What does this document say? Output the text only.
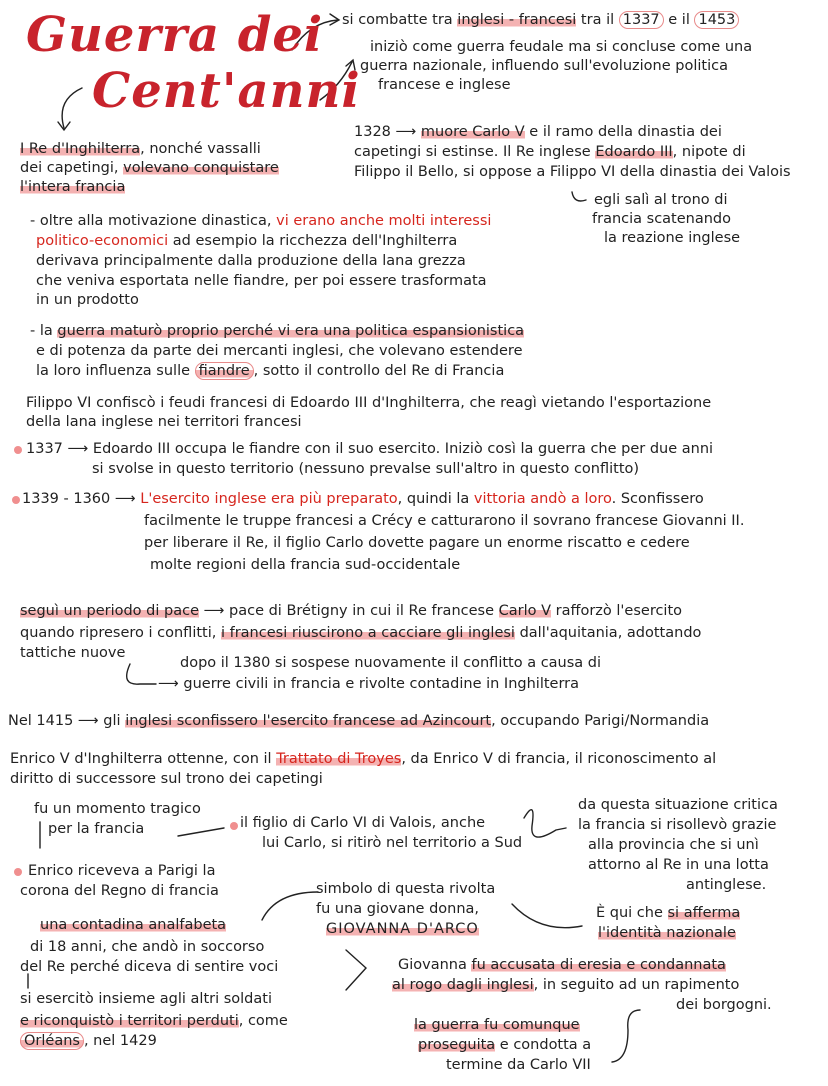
Guerra dei
Cent'anni
si combatte tra inglesi - francesi tra il 1337 e il 1453
iniziò come guerra feudale ma si concluse come una
guerra nazionale, influendo sull'evoluzione politica
francese e inglese
I Re d'Inghilterra, nonché vassalli
dei capetingi, volevano conquistare
l'intera francia
1328 ⟶ muore Carlo V e il ramo della dinastia dei
capetingi si estinse. Il Re inglese Edoardo III, nipote di
Filippo il Bello, si oppose a Filippo VI della dinastia dei Valois
egli salì al trono di
francia scatenando
la reazione inglese
- oltre alla motivazione dinastica, vi erano anche molti interessi
politico-economici ad esempio la ricchezza dell'Inghilterra
derivava principalmente dalla produzione della lana grezza
che veniva esportata nelle fiandre, per poi essere trasformata
in un prodotto
- la guerra maturò proprio perché vi era una politica espansionistica
e di potenza da parte dei mercanti inglesi, che volevano estendere
la loro influenza sulle fiandre , sotto il controllo del Re di Francia
Filippo VI confiscò i feudi francesi di Edoardo III d'Inghilterra, che reagì vietando l'esportazione
della lana inglese nei territori francesi
1337 ⟶ Edoardo III occupa le fiandre con il suo esercito. Iniziò così la guerra che per due anni
si svolse in questo territorio (nessuno prevalse sull'altro in questo conflitto)
1339 - 1360 ⟶ L'esercito inglese era più preparato, quindi la vittoria andò a loro. Sconfissero
facilmente le truppe francesi a Crécy e catturarono il sovrano francese Giovanni II.
per liberare il Re, il figlio Carlo dovette pagare un enorme riscatto e cedere
molte regioni della francia sud-occidentale
seguì un periodo di pace ⟶ pace di Brétigny in cui il Re francese Carlo V rafforzò l'esercito
quando ripresero i conflitti, i francesi riuscirono a cacciare gli inglesi dall'aquitania, adottando
tattiche nuove
dopo il 1380 si sospese nuovamente il conflitto a causa di
⟶ guerre civili in francia e rivolte contadine in Inghilterra
Nel 1415 ⟶ gli inglesi sconfissero l'esercito francese ad Azincourt, occupando Parigi/Normandia
Enrico V d'Inghilterra ottenne, con il Trattato di Troyes, da Enrico V di francia, il riconoscimento al
diritto di successore sul trono dei capetingi
fu un momento tragico
per la francia	il figlio di Carlo VI di Valois, anche
lui Carlo, si ritirò nel territorio a Sud
da questa situazione critica
la francia si risollevò grazie
alla provincia che si unì
attorno al Re in una lotta
antinglese.
Enrico riceveva a Parigi la
corona del Regno di francia	simbolo di questa rivolta
fu una giovane donna,
GIOVANNA D'ARCO
È qui che si afferma
l'identità nazionale
una contadina analfabeta
di 18 anni, che andò in soccorso
del Re perché diceva di sentire voci
si esercitò insieme agli altri soldati
e riconquistò i territori perduti, come
Orléans , nel 1429
Giovanna fu accusata di eresia e condannata
al rogo dagli inglesi, in seguito ad un rapimento
dei borgogni.
la guerra fu comunque
proseguita e condotta a
termine da Carlo VII
